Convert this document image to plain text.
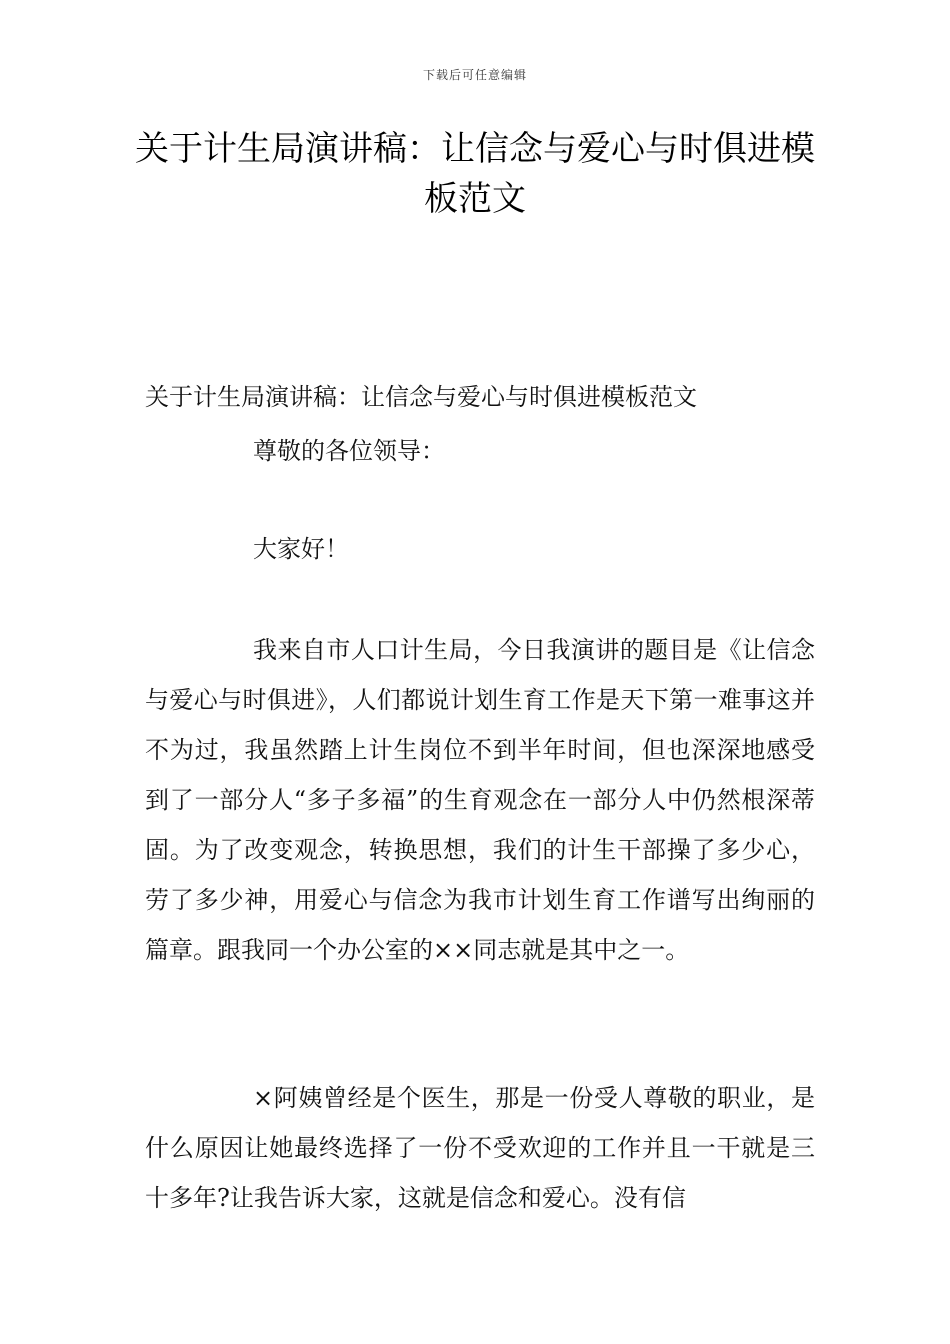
下载后可任意编辑
关于计生局演讲稿：让信念与爱心与时俱进模板范文
关于计生局演讲稿：让信念与爱心与时俱进模板范文

尊敬的各位领导：

大家好！

我来自市人口计生局，今日我演讲的题目是《让信念与爱心与时俱进》，人们都说计划生育工作是天下第一难事这并不为过，我虽然踏上计生岗位不到半年时间，但也深深地感受到了一部分人“多子多福”的生育观念在一部分人中仍然根深蒂固。为了改变观念，转换思想，我们的计生干部操了多少心，劳了多少神，用爱心与信念为我市计划生育工作谱写出绚丽的篇章。跟我同一个办公室的××同志就是其中之一。

×阿姨曾经是个医生，那是一份受人尊敬的职业，是什么原因让她最终选择了一份不受欢迎的工作并且一干就是三十多年?让我告诉大家，这就是信念和爱心。没有信
